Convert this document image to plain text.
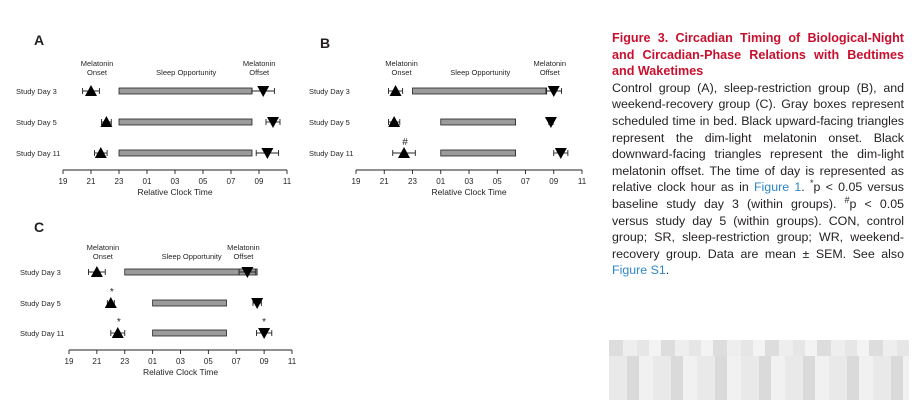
A
Melatonin
Onset
Melatonin
Offset
Sleep Opportunity
Study Day 3
Study Day 5
Study Day 11
19 21 23 01 03 05 07 09 11
Relative Clock Time
B
Melatonin
Onset
Melatonin
Offset
Sleep Opportunity
Study Day 3
Study Day 5
Study Day 11
#
19 21 23 01 03 05 07 09 11
Relative Clock Time
C
Melatonin
Onset
Melatonin
Offset
Sleep Opportunity
Study Day 3
Study Day 5
*
Study Day 11
*	*
19 21 23 01 03 05 07 09 11
Relative Clock Time
Figure 3. Circadian Timing of Biological-Night and Circadian-Phase Relations with Bedtimes and Waketimes
Control group (A), sleep-restriction group (B), and weekend-recovery group (C). Gray boxes represent scheduled time in bed. Black upward-facing triangles represent the dim-light melatonin onset. Black downward-facing triangles represent the dim-light melatonin offset. The time of day is represented as relative clock hour as in Figure 1. *p < 0.05 versus baseline study day 3 (within groups). #p < 0.05 versus study day 5 (within groups). CON, control group; SR, sleep-restriction group; WR, weekend-recovery group. Data are mean ± SEM. See also Figure S1.
